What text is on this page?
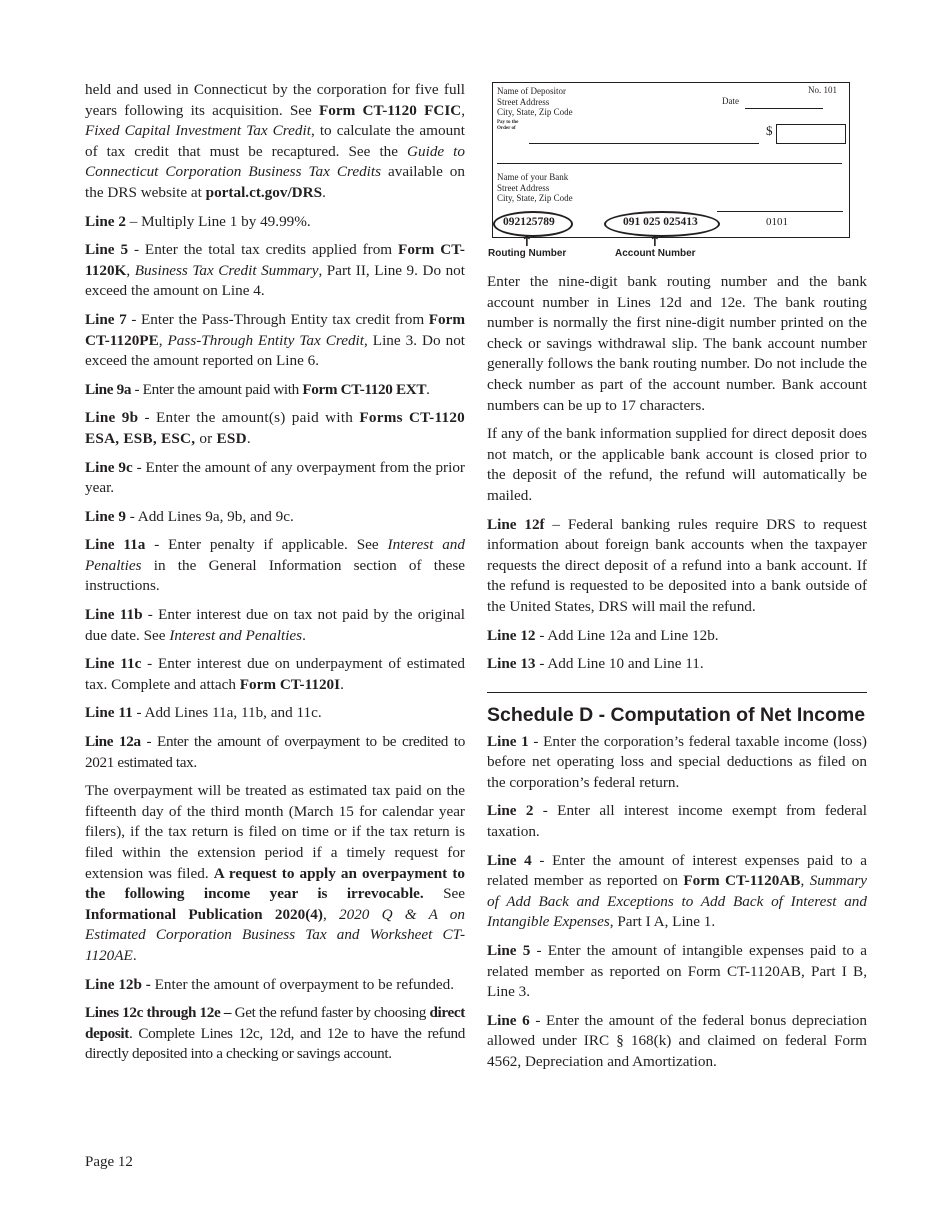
held and used in Connecticut by the corporation for five full years following its acquisition. See Form CT-1120 FCIC, Fixed Capital Investment Tax Credit, to calculate the amount of tax credit that must be recaptured. See the Guide to Connecticut Corporation Business Tax Credits available on the DRS website at portal.ct.gov/DRS.

Line 2 – Multiply Line 1 by 49.99%.

Line 5 - Enter the total tax credits applied from Form CT-1120K, Business Tax Credit Summary, Part II, Line 9. Do not exceed the amount on Line 4.

Line 7 - Enter the Pass-Through Entity tax credit from Form CT-1120PE, Pass-Through Entity Tax Credit, Line 3. Do not exceed the amount reported on Line 6.

Line 9a - Enter the amount paid with Form CT-1120 EXT.

Line 9b - Enter the amount(s) paid with Forms CT-1120 ESA, ESB, ESC, or ESD.

Line 9c - Enter the amount of any overpayment from the prior year.

Line 9 - Add Lines 9a, 9b, and 9c.

Line 11a - Enter penalty if applicable. See Interest and Penalties in the General Information section of these instructions.

Line 11b - Enter interest due on tax not paid by the original due date. See Interest and Penalties.

Line 11c - Enter interest due on underpayment of estimated tax. Complete and attach Form CT-1120I.

Line 11 - Add Lines 11a, 11b, and 11c.

Line 12a - Enter the amount of overpayment to be credited to 2021 estimated tax.

The overpayment will be treated as estimated tax paid on the fifteenth day of the third month (March 15 for calendar year filers), if the tax return is filed on time or if the tax return is filed within the extension period if a timely request for extension was filed. A request to apply an overpayment to the following income year is irrevocable. See Informational Publication 2020(4), 2020 Q & A on Estimated Corporation Business Tax and Worksheet CT-1120AE.

Line 12b - Enter the amount of overpayment to be refunded.

Lines 12c through 12e – Get the refund faster by choosing direct deposit. Complete Lines 12c, 12d, and 12e to have the refund directly deposited into a checking or savings account.

Name of Depositor
Street Address
City, State, Zip Code
No. 101
Date
Pay to the
Order of	$
Name of your Bank
Street Address
City, State, Zip Code
092125789	091 025 025413	0101
↑	↑
Routing Number	Account Number

Enter the nine-digit bank routing number and the bank account number in Lines 12d and 12e. The bank routing number is normally the first nine-digit number printed on the check or savings withdrawal slip. The bank account number generally follows the bank routing number. Do not include the check number as part of the account number. Bank account numbers can be up to 17 characters.

If any of the bank information supplied for direct deposit does not match, or the applicable bank account is closed prior to the deposit of the refund, the refund will automatically be mailed.

Line 12f – Federal banking rules require DRS to request information about foreign bank accounts when the taxpayer requests the direct deposit of a refund into a bank account. If the refund is requested to be deposited into a bank outside of the United States, DRS will mail the refund.

Line 12 - Add Line 12a and Line 12b.

Line 13 - Add Line 10 and Line 11.

Schedule D - Computation of Net Income

Line 1 - Enter the corporation’s federal taxable income (loss) before net operating loss and special deductions as filed on the corporation’s federal return.

Line 2 - Enter all interest income exempt from federal taxation.

Line 4 - Enter the amount of interest expenses paid to a related member as reported on Form CT-1120AB, Summary of Add Back and Exceptions to Add Back of Interest and Intangible Expenses, Part I A, Line 1.

Line 5 - Enter the amount of intangible expenses paid to a related member as reported on Form CT-1120AB, Part I B, Line 3.

Line 6 - Enter the amount of the federal bonus depreciation allowed under IRC § 168(k) and claimed on federal Form 4562, Depreciation and Amortization.

Page 12
